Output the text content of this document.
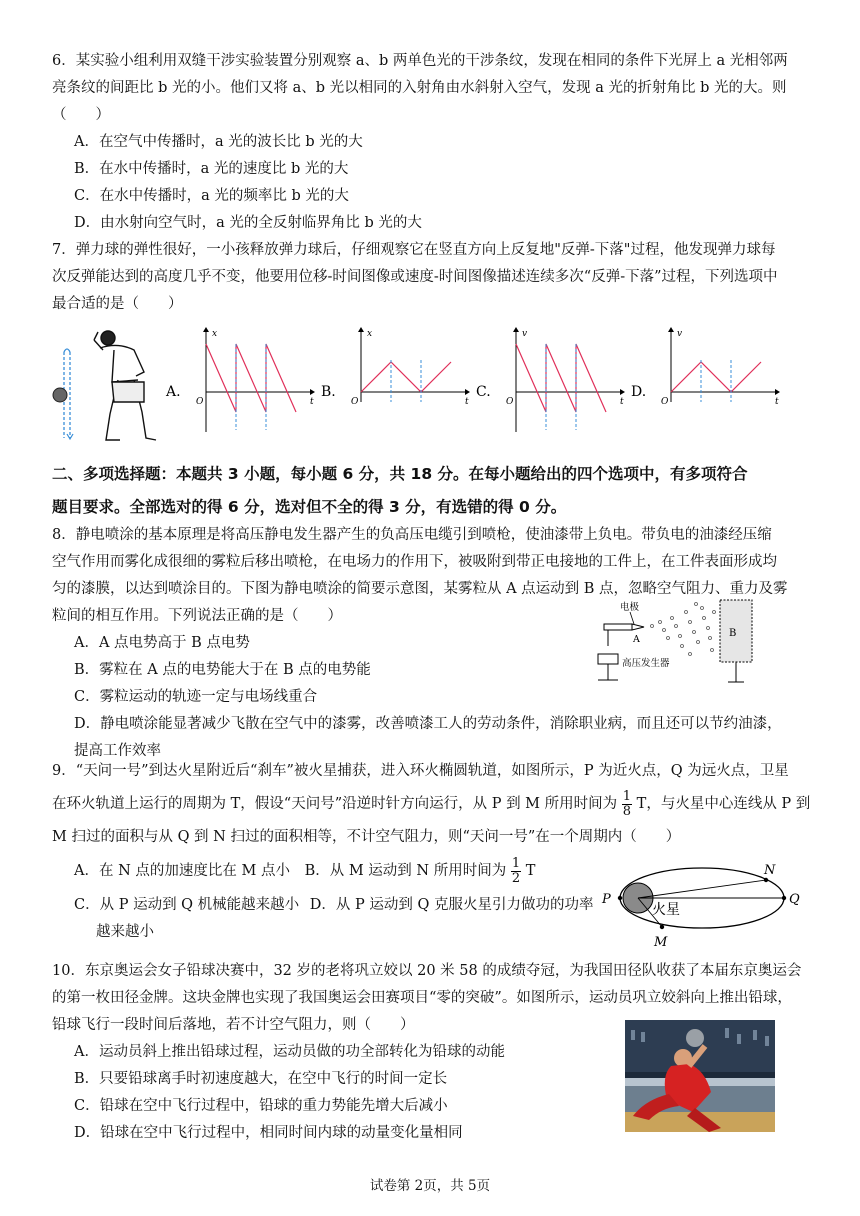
6．某实验小组利用双缝干涉实验装置分别观察 a、b 两单色光的干涉条纹，发现在相同的条件下光屏上 a 光相邻两

亮条纹的间距比 b 光的小。他们又将 a、b 光以相同的入射角由水斜射入空气，发现 a 光的折射角比 b 光的大。则

（　　）

A．在空气中传播时，a 光的波长比 b 光的大

B．在水中传播时，a 光的速度比 b 光的大

C．在水中传播时，a 光的频率比 b 光的大

D．由水射向空气时，a 光的全反射临界角比 b 光的大

7．弹力球的弹性很好，一小孩释放弹力球后，仔细观察它在竖直方向上反复地"反弹-下落"过程，他发现弹力球每

次反弹能达到的高度几乎不变，他要用位移-时间图像或速度-时间图像描述连续多次“反弹-下落”过程，下列选项中

最合适的是（　　）

A.	B.	C.	D.
x
t
O
x
t
O
v
t
O
v
t
O

二、多项选择题：本题共 3 小题，每小题 6 分，共 18 分。在每小题给出的四个选项中，有多项符合

题目要求。全部选对的得 6 分，选对但不全的得 3 分，有选错的得 0 分。

8．静电喷涂的基本原理是将高压静电发生器产生的负高压电缆引到喷枪，使油漆带上负电。带负电的油漆经压缩

空气作用而雾化成很细的雾粒后移出喷枪，在电场力的作用下，被吸附到带正电接地的工件上，在工件表面形成均

匀的漆膜，以达到喷涂目的。下图为静电喷涂的简要示意图，某雾粒从 A 点运动到 B 点，忽略空气阻力、重力及雾

粒间的相互作用。下列说法正确的是（　　）

A．A 点电势高于 B 点电势

B．雾粒在 A 点的电势能大于在 B 点的电势能

C．雾粒运动的轨迹一定与电场线重合

D．静电喷涂能显著减少飞散在空气中的漆雾，改善喷漆工人的劳动条件，消除职业病，而且还可以节约油漆，

提高工作效率

电极
A
B
高压发生器

9．“天问一号”到达火星附近后“刹车”被火星捕获，进入环火椭圆轨道，如图所示，P 为近火点，Q 为远火点，卫星

在环火轨道上运行的周期为 T，假设“天问号”沿逆时针方向运行，从 P 到 M 所用时间为 $\frac{1}{8}$ T，与火星中心连线从 P 到

M 扫过的面积与从 Q 到 N 扫过的面积相等，不计空气阻力，则“天问一号”在一个周期内（　　）

A．在 N 点的加速度比在 M 点小 B．从 M 运动到 N 所用时间为 $\frac{1}{2}$ T

C．从 P 运动到 Q 机械能越来越小 D．从 P 运动到 Q 克服火星引力做功的功率

越来越小

P	Q
N
M
火星

10．东京奥运会女子铅球决赛中，32 岁的老将巩立姣以 20 米 58 的成绩夺冠，为我国田径队收获了本届东京奥运会

的第一枚田径金牌。这块金牌也实现了我国奥运会田赛项目“零的突破”。如图所示，运动员巩立姣斜向上推出铅球，

铅球飞行一段时间后落地，若不计空气阻力，则（　　）

A．运动员斜上推出铅球过程，运动员做的功全部转化为铅球的动能

B．只要铅球离手时初速度越大，在空中飞行的时间一定长

C．铅球在空中飞行过程中，铅球的重力势能先增大后减小

D．铅球在空中飞行过程中，相同时间内球的动量变化量相同

试卷第 2页，共 5页
